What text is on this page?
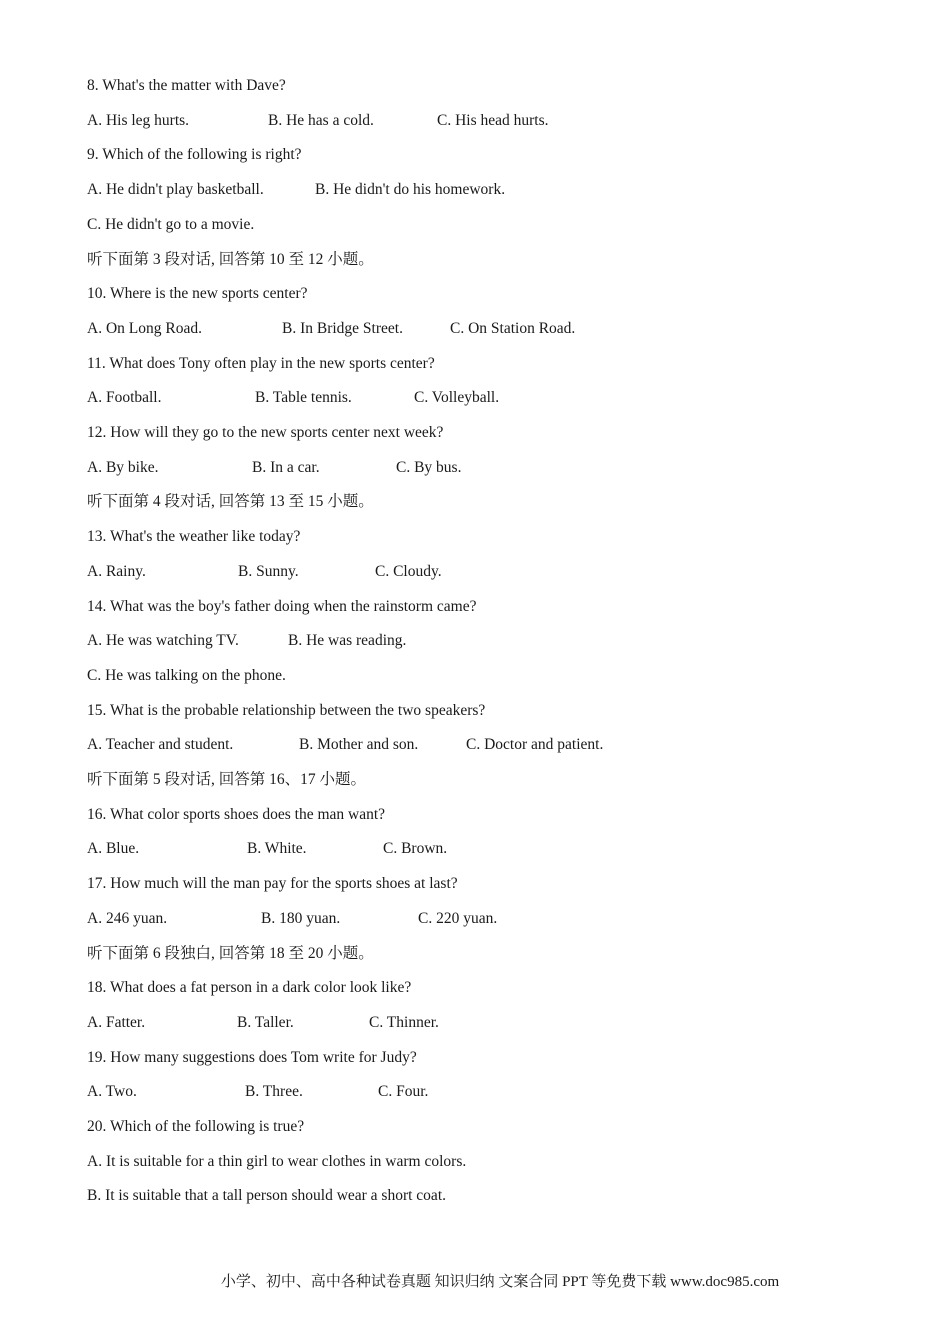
8. What's the matter with Dave?
A. His leg hurts.	B. He has a cold.	C. His head hurts.
9. Which of the following is right?
A. He didn't play basketball.	B. He didn't do his homework.
C. He didn't go to a movie.
听下面第 3 段对话, 回答第 10 至 12 小题。
10. Where is the new sports center?
A. On Long Road.	B. In Bridge Street.	C. On Station Road.
11. What does Tony often play in the new sports center?
A. Football.	B. Table tennis.	C. Volleyball.
12. How will they go to the new sports center next week?
A. By bike.	B. In a car.	C. By bus.
听下面第 4 段对话, 回答第 13 至 15 小题。
13. What's the weather like today?
A. Rainy.	B. Sunny.	C. Cloudy.
14. What was the boy's father doing when the rainstorm came?
A. He was watching TV.	B. He was reading.
C. He was talking on the phone.
15. What is the probable relationship between the two speakers?
A. Teacher and student.	B. Mother and son.	C. Doctor and patient.
听下面第 5 段对话, 回答第 16、17 小题。
16. What color sports shoes does the man want?
A. Blue.	B. White.	C. Brown.
17. How much will the man pay for the sports shoes at last?
A. 246 yuan.	B. 180 yuan.	C. 220 yuan.
听下面第 6 段独白, 回答第 18 至 20 小题。
18. What does a fat person in a dark color look like?
A. Fatter.	B. Taller.	C. Thinner.
19. How many suggestions does Tom write for Judy?
A. Two.	B. Three.	C. Four.
20. Which of the following is true?
A. It is suitable for a thin girl to wear clothes in warm colors.
B. It is suitable that a tall person should wear a short coat.
小学、初中、高中各种试卷真题 知识归纳 文案合同 PPT 等免费下载 www.doc985.com
